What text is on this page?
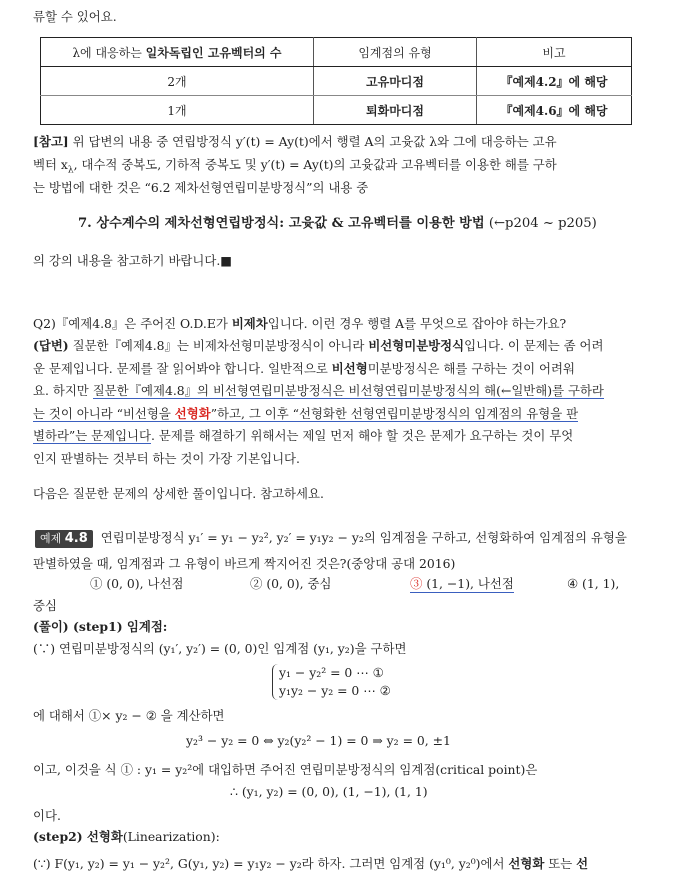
류할 수 있어요.
λ에 대응하는 일차독립인 고유벡터의 수	임계점의 유형	비고
2개	고유마디점	『예제4.2』에 해당
1개	퇴화마디점	『예제4.6』에 해당
[참고] 위 답변의 내용 중 연립방정식 y′(t) = Ay(t)에서 행렬 A의 고윳값 λ와 그에 대응하는 고유
벡터 $x_\lambda$, 대수적 중복도, 기하적 중복도 및 y′(t) = Ay(t)의 고윳값과 고유벡터를 이용한 해를 구하
는 방법에 대한 것은 “6.2 제차선형연립미분방정식”의 내용 중
7. 상수계수의 제차선형연립방정식: 고윳값 & 고유벡터를 이용한 방법 (←p204 ~ p205)
의 강의 내용을 참고하기 바랍니다.■
Q2)『예제4.8』은 주어진 O.D.E가 비제차입니다. 이런 경우 행렬 A를 무엇으로 잡아야 하는가요?
(답변) 질문한『예제4.8』는 비제차선형미분방정식이 아니라 비선형미분방정식입니다. 이 문제는 좀 어려
운 문제입니다. 문제를 잘 읽어봐야 합니다. 일반적으로 비선형미분방정식은 해를 구하는 것이 어려워
요. 하지만 질문한『예제4.8』의 비선형연립미분방정식은 비선형연립미분방정식의 해(←일반해)를 구하라
는 것이 아니라 “비선형을 선형화”하고, 그 이후 “선형화한 선형연립미분방정식의 임계점의 유형을 판
별하라”는 문제입니다. 문제를 해결하기 위해서는 제일 먼저 해야 할 것은 문제가 요구하는 것이 무엇
인지 판별하는 것부터 하는 것이 가장 기본입니다.
다음은 질문한 문제의 상세한 풀이입니다. 참고하세요.
예제 4.8 연립미분방정식 y₁′ = y₁ − y₂², y₂′ = y₁y₂ − y₂의 임계점을 구하고, 선형화하여 임계점의 유형을
판별하였을 때, 임계점과 그 유형이 바르게 짝지어진 것은?(중앙대 공대 2016)
① (0, 0), 나선점	② (0, 0), 중심	③ (1, −1), 나선점	④ (1, 1),
중심
(풀이) (step1) 임계점:
(∵) 연립미분방정식의 (y₁′, y₂′) = (0, 0)인 임계점 (y₁, y₂)을 구하면
y₁ − y₂² = 0 ⋯ ①
y₁y₂ − y₂ = 0 ⋯ ②
에 대해서 ①× y₂ − ② 을 계산하면
y₂³ − y₂ = 0 ⇔ y₂(y₂² − 1) = 0 ⇒ y₂ = 0, ±1
이고, 이것을 식 ① : y₁ = y₂²에 대입하면 주어진 연립미분방정식의 임계점(critical point)은
∴ (y₁, y₂) = (0, 0), (1, −1), (1, 1)
이다.
(step2) 선형화(Linearization):
(∵) F(y₁, y₂) = y₁ − y₂², G(y₁, y₂) = y₁y₂ − y₂라 하자. 그러면 임계점 (y₁⁰, y₂⁰)에서 선형화 또는 선
